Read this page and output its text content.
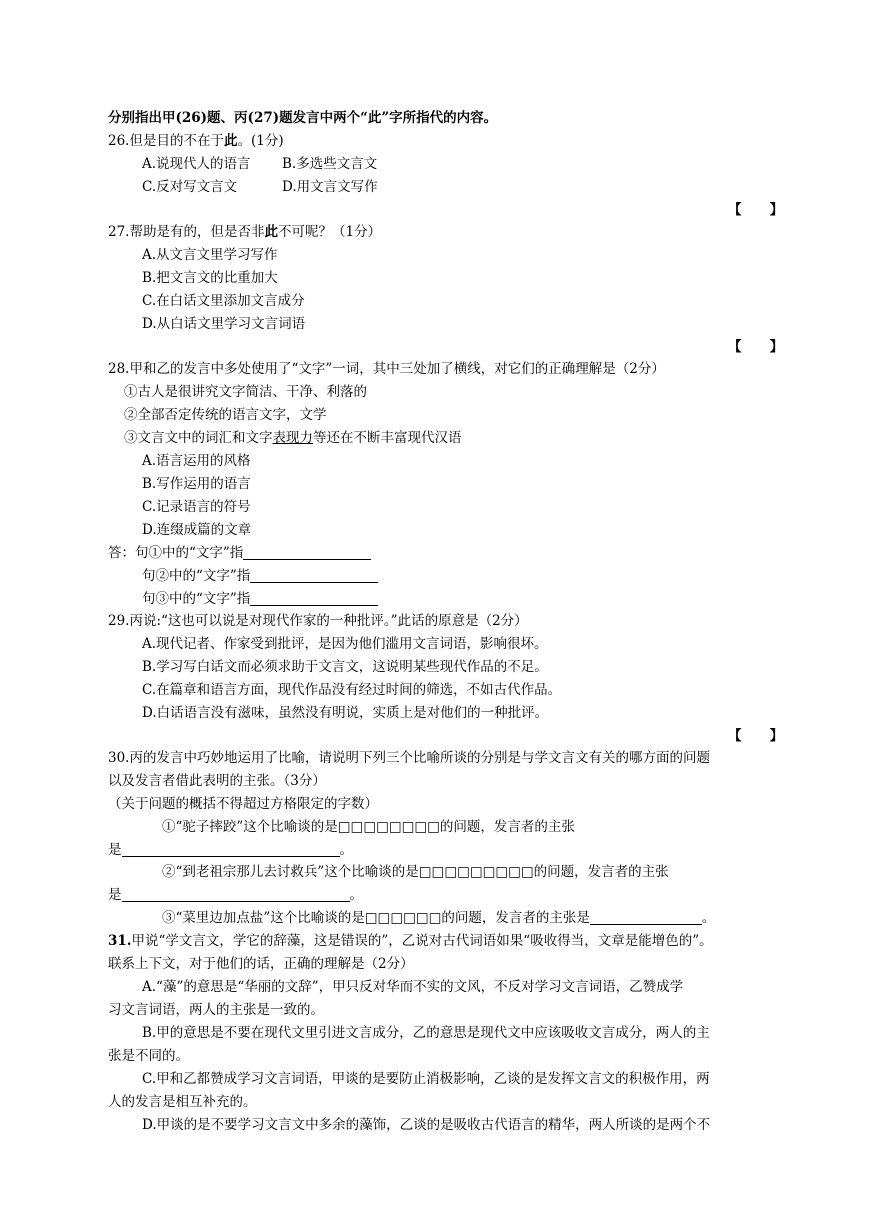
分别指出甲(26)题、丙(27)题发言中两个“此”字所指代的内容。
26.但是目的不在于此。(1分)
A.说现代人的语言 B.多选些文言文
C.反对写文言文	D.用文言文写作
【      】
27.帮助是有的，但是否非此不可呢？（1分）
A.从文言文里学习写作
B.把文言文的比重加大
C.在白话文里添加文言成分
D.从白话文里学习文言词语
【      】
28.甲和乙的发言中多处使用了“文字”一词，其中三处加了横线，对它们的正确理解是（2分）
①古人是很讲究文字简洁、干净、利落的
②全部否定传统的语言文字，文学
③文言文中的词汇和文字表现力等还在不断丰富现代汉语
A.语言运用的风格
B.写作运用的语言
C.记录语言的符号
D.连缀成篇的文章
答：句①中的“文字”指
句②中的“文字”指
句③中的“文字”指
29.丙说:“这也可以说是对现代作家的一种批评。”此话的原意是（2分）
A.现代记者、作家受到批评，是因为他们滥用文言词语，影响很坏。
B.学习写白话文而必须求助于文言文，这说明某些现代作品的不足。
C.在篇章和语言方面，现代作品没有经过时间的筛选，不如古代作品。
D.白话语言没有滋味，虽然没有明说，实质上是对他们的一种批评。
【      】
30.丙的发言中巧妙地运用了比喻，请说明下列三个比喻所谈的分别是与学文言文有关的哪方面的问题
以及发言者借此表明的主张。（3分）
（关于问题的概括不得超过方格限定的字数）
①“驼子摔跤”这个比喻谈的是□□□□□□□□的问题，发言者的主张
是	。
②“到老祖宗那儿去讨救兵”这个比喻谈的是□□□□□□□□□的问题，发言者的主张
是	。
③“菜里边加点盐”这个比喻谈的是□□□□□□的问题，发言者的主张是	。
31.甲说“学文言文，学它的辞藻，这是错误的”，乙说对古代词语如果“吸收得当，文章是能增色的”。
联系上下文，对于他们的话，正确的理解是（2分）
A.“藻”的意思是“华丽的文辞”，甲只反对华而不实的文风，不反对学习文言词语，乙赞成学
习文言词语，两人的主张是一致的。
B.甲的意思是不要在现代文里引进文言成分，乙的意思是现代文中应该吸收文言成分，两人的主
张是不同的。
C.甲和乙都赞成学习文言词语，甲谈的是要防止消极影响，乙谈的是发挥文言文的积极作用，两
人的发言是相互补充的。
D.甲谈的是不要学习文言文中多余的藻饰，乙谈的是吸收古代语言的精华，两人所谈的是两个不
